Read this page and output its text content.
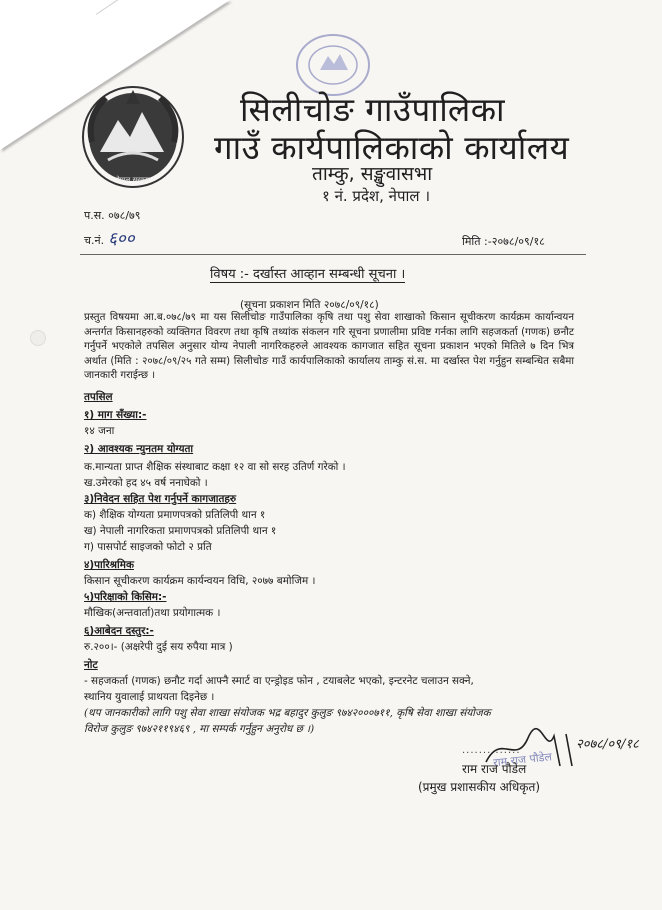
नेपाल सरकार
सिलीचोङ गाउँपालिका
गाउँ कार्यपालिकाको कार्यालय
ताम्कु, सङ्खुवासभा
१ नं. प्रदेश, नेपाल ।
प.स. ०७८/७९
च.नं. ६००	मिति :-२०७८/०९/१८
विषय :- दर्खास्त आव्हान सम्बन्धी सूचना ।
(सूचना प्रकाशन मिति २०७८/०९/१८)
प्रस्तुत विषयमा आ.ब.०७८/७९ मा यस सिलीचोङ गाउँपालिका कृषि तथा पशु सेवा शाखाको किसान सूचीकरण कार्यक्रम कार्यान्वयन अन्तर्गत किसानहरुको व्यक्तिगत विवरण तथा कृषि तथ्यांक संकलन गरि सूचना प्रणालीमा प्रविष्ट गर्नका लागि सहजकर्ता (गणक) छनौट गर्नुपर्ने भएकोले तपसिल अनुसार योग्य नेपाली नागरिकहरुले आवश्यक कागजात सहित सूचना प्रकाशन भएको मितिले ७ दिन भित्र अर्थात (मिति : २०७८/०९/२५ गते सम्म) सिलीचोङ गाउँ कार्यपालिकाको कार्यालय ताम्कु सं.स. मा दर्खास्त पेश गर्नुहुन सम्बन्धित सबैमा जानकारी गराईन्छ ।
तपसिल
१) माग सँख्या:-
१४ जना
२) आवश्यक न्युनतम योग्यता
क.मान्यता प्राप्त शैक्षिक संस्थाबाट कक्षा १२ वा सो सरह उतिर्ण गरेको ।
ख.उमेरको हद ४५ वर्ष ननाघेको ।
३)निवेदन सहित पेश गर्नुपर्ने कागजातहरु
क) शैक्षिक योग्यता प्रमाणपत्रको प्रतिलिपी थान १
ख) नेपाली नागरिकता प्रमाणपत्रको प्रतिलिपी थान १
ग) पासपोर्ट साइजको फोटो २ प्रति
४)पारिश्रमिक
किसान सूचीकरण कार्यक्रम कार्यन्वयन विधि, २०७७ बमोजिम ।
५)परिक्षाको किसिम:-
मौखिक(अन्तवार्ता)तथा प्रयोगात्मक ।
६)आबेदन दस्तुर:-
रु.२००।- (अक्षरेपी दुई सय रुपैया मात्र )
नोट
- सहजकर्ता (गणक) छनौट गर्दा आफ्नै स्मार्ट वा एन्ड्रोइड फोन , टयाबलेट भएको, इन्टरनेट चलाउन सक्ने,
स्थानिय युवालाई प्राथयता दिइनेछ ।
(थप जानकारीको लागि पशु सेवा शाखा संयोजक भद्र बहादुर कुलुङ ९७४२०००७११, कृषि सेवा शाखा संयोजक
विरोज कुलुङ ९७४२११९४६९ , मा सम्पर्क गर्नुहुन अनुरोध छ ।)
..............	२०७८/०९/१८
राम राज पौडेल
राम राज पौडेल
(प्रमुख प्रशासकीय अधिकृत)
